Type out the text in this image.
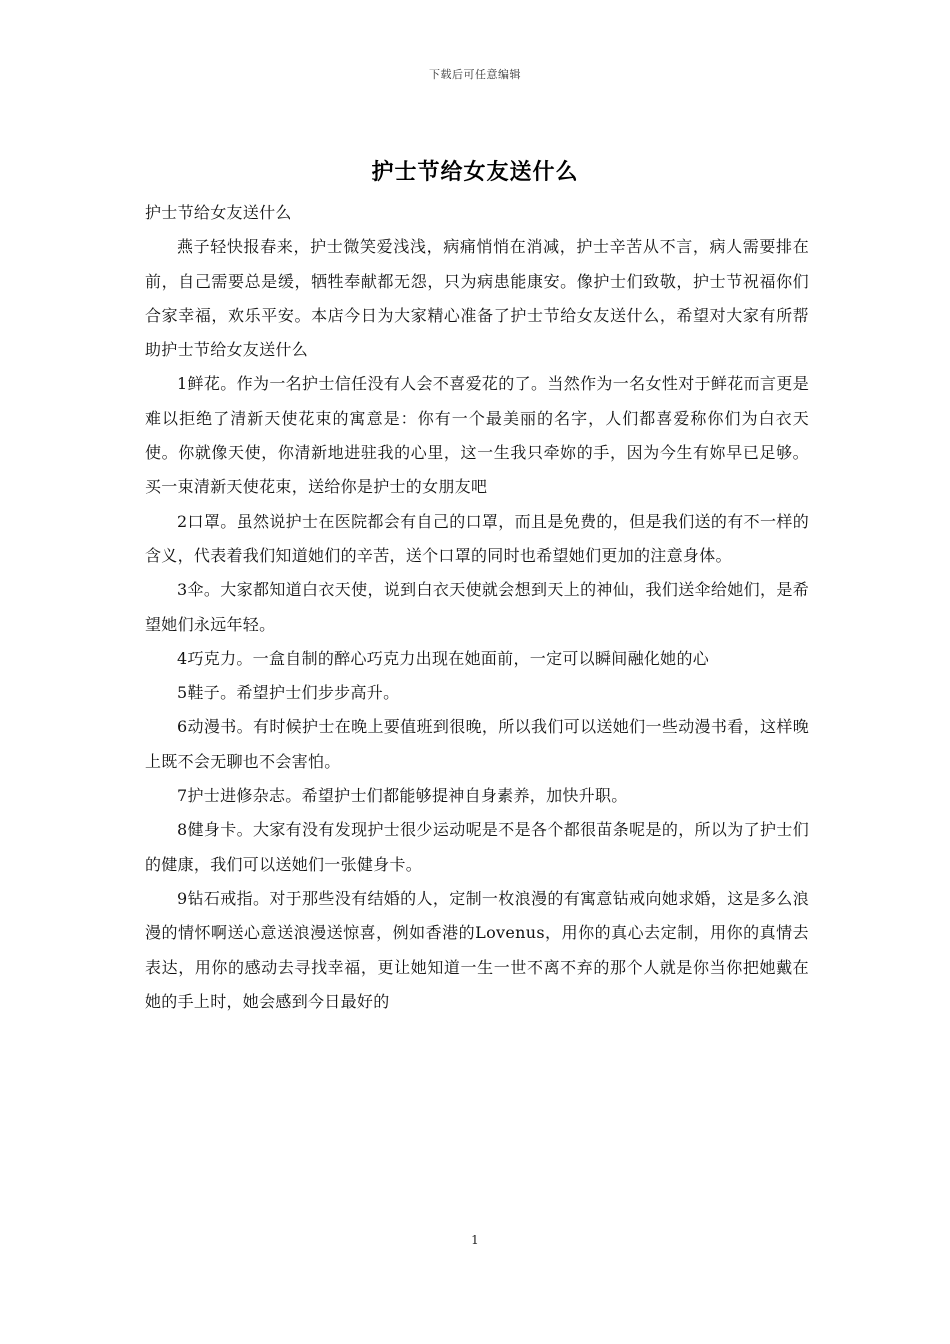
下载后可任意编辑
护士节给女友送什么

护士节给女友送什么

燕子轻快报春来，护士微笑爱浅浅，病痛悄悄在消减，护士辛苦从不言，病人需要排在前，自己需要总是缓，牺牲奉献都无怨，只为病患能康安。像护士们致敬，护士节祝福你们合家幸福，欢乐平安。本店今日为大家精心准备了护士节给女友送什么，希望对大家有所帮助护士节给女友送什么

1鲜花。作为一名护士信任没有人会不喜爱花的了。当然作为一名女性对于鲜花而言更是难以拒绝了清新天使花束的寓意是：你有一个最美丽的名字，人们都喜爱称你们为白衣天使。你就像天使，你清新地进驻我的心里，这一生我只牵妳的手，因为今生有妳早已足够。买一束清新天使花束，送给你是护士的女朋友吧

2口罩。虽然说护士在医院都会有自己的口罩，而且是免费的，但是我们送的有不一样的含义，代表着我们知道她们的辛苦，送个口罩的同时也希望她们更加的注意身体。

3伞。大家都知道白衣天使，说到白衣天使就会想到天上的神仙，我们送伞给她们，是希望她们永远年轻。

4巧克力。一盒自制的醉心巧克力出现在她面前，一定可以瞬间融化她的心

5鞋子。希望护士们步步高升。

6动漫书。有时候护士在晚上要值班到很晚，所以我们可以送她们一些动漫书看，这样晚上既不会无聊也不会害怕。

7护士进修杂志。希望护士们都能够提神自身素养，加快升职。

8健身卡。大家有没有发现护士很少运动呢是不是各个都很苗条呢是的，所以为了护士们的健康，我们可以送她们一张健身卡。

9钻石戒指。对于那些没有结婚的人，定制一枚浪漫的有寓意钻戒向她求婚，这是多么浪漫的情怀啊送心意送浪漫送惊喜，例如香港的Lovenus，用你的真心去定制，用你的真情去表达，用你的感动去寻找幸福，更让她知道一生一世不离不弃的那个人就是你当你把她戴在她的手上时，她会感到今日最好的

1
